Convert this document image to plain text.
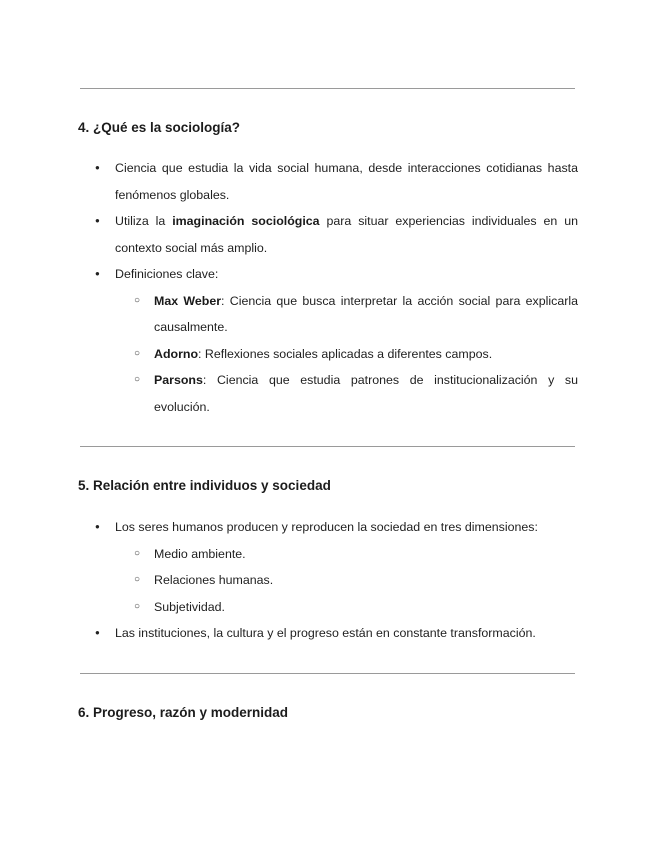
4. ¿Qué es la sociología?
● Ciencia que estudia la vida social humana, desde interacciones cotidianas hasta fenómenos globales.
● Utiliza la imaginación sociológica para situar experiencias individuales en un contexto social más amplio.
● Definiciones clave:
○ Max Weber: Ciencia que busca interpretar la acción social para explicarla causalmente.
○ Adorno: Reflexiones sociales aplicadas a diferentes campos.
○ Parsons: Ciencia que estudia patrones de institucionalización y su evolución.
5. Relación entre individuos y sociedad
● Los seres humanos producen y reproducen la sociedad en tres dimensiones:
○ Medio ambiente.
○ Relaciones humanas.
○ Subjetividad.
● Las instituciones, la cultura y el progreso están en constante transformación.
6. Progreso, razón y modernidad
